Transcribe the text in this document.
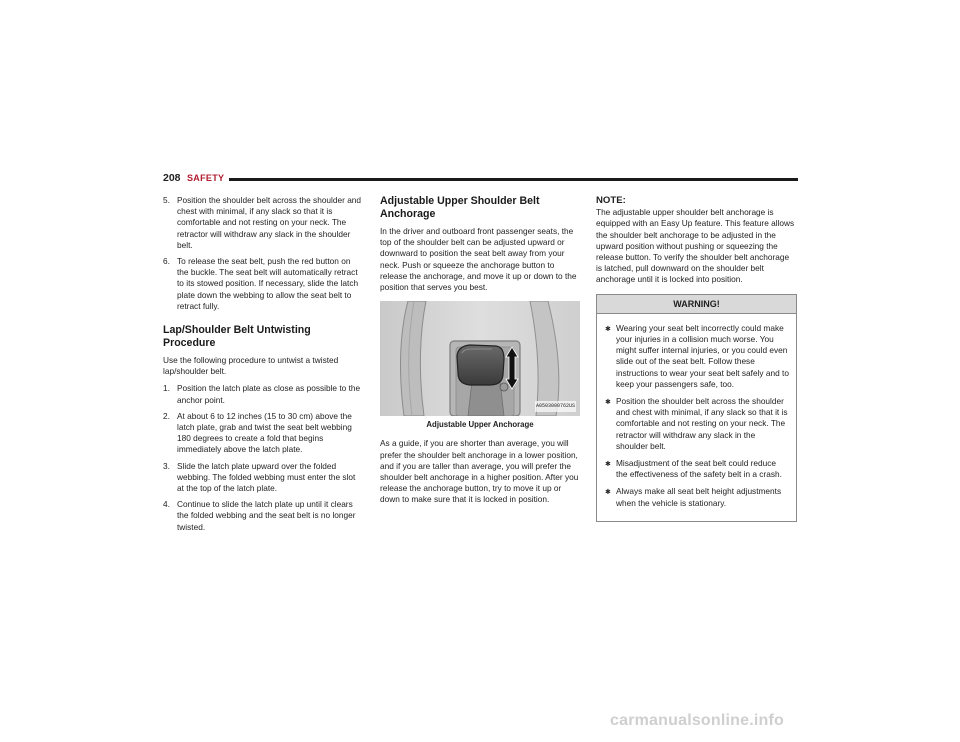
208 SAFETY
5. Position the shoulder belt across the shoulder and chest with minimal, if any slack so that it is comfortable and not resting on your neck. The retractor will withdraw any slack in the shoulder belt.
6. To release the seat belt, push the red button on the buckle. The seat belt will automatically retract to its stowed position. If necessary, slide the latch plate down the webbing to allow the seat belt to retract fully.
Lap/Shoulder Belt Untwisting Procedure

Use the following procedure to untwist a twisted lap/shoulder belt.

1. Position the latch plate as close as possible to the anchor point.
2. At about 6 to 12 inches (15 to 30 cm) above the latch plate, grab and twist the seat belt webbing 180 degrees to create a fold that begins immediately above the latch plate.
3. Slide the latch plate upward over the folded webbing. The folded webbing must enter the slot at the top of the latch plate.
4. Continue to slide the latch plate up until it clears the folded webbing and the seat belt is no longer twisted.
Adjustable Upper Shoulder Belt Anchorage

In the driver and outboard front passenger seats, the top of the shoulder belt can be adjusted upward or downward to position the seat belt away from your neck. Push or squeeze the anchorage button to release the anchorage, and move it up or down to the position that serves you best.

A0503000762US
Adjustable Upper Anchorage

As a guide, if you are shorter than average, you will prefer the shoulder belt anchorage in a lower position, and if you are taller than average, you will prefer the shoulder belt anchorage in a higher position. After you release the anchorage button, try to move it up or down to make sure that it is locked in position.

NOTE:

The adjustable upper shoulder belt anchorage is equipped with an Easy Up feature. This feature allows the shoulder belt anchorage to be adjusted in the upward position without pushing or squeezing the release button. To verify the shoulder belt anchorage is latched, pull downward on the shoulder belt anchorage until it is locked into position.

WARNING!
✱ Wearing your seat belt incorrectly could make your injuries in a collision much worse. You might suffer internal injuries, or you could even slide out of the seat belt. Follow these instructions to wear your seat belt safely and to keep your passengers safe, too.
✱ Position the shoulder belt across the shoulder and chest with minimal, if any slack so that it is comfortable and not resting on your neck. The retractor will withdraw any slack in the shoulder belt.
✱ Misadjustment of the seat belt could reduce the effectiveness of the safety belt in a crash.
✱ Always make all seat belt height adjustments when the vehicle is stationary.
carmanualsonline.info
